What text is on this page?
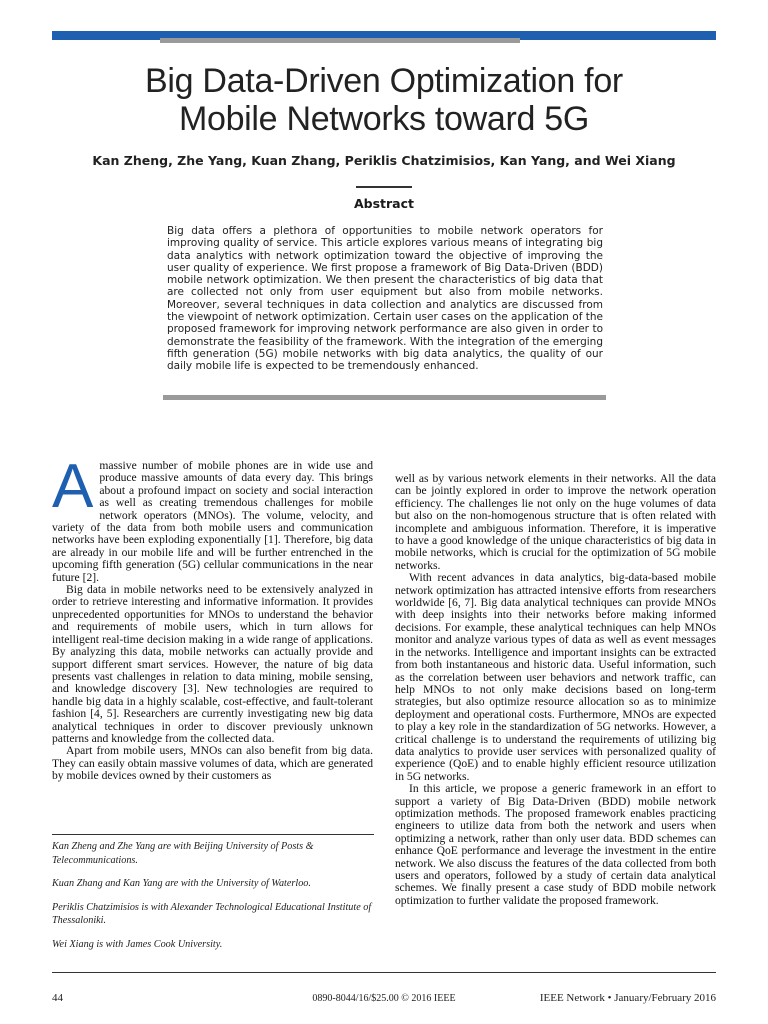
Big Data-Driven Optimization for
Mobile Networks toward 5G
Kan Zheng, Zhe Yang, Kuan Zhang, Periklis Chatzimisios, Kan Yang, and Wei Xiang
Abstract
Big data offers a plethora of opportunities to mobile network operators for improving quality of service. This article explores various means of integrating big data analytics with network optimization toward the objective of improving the user quality of experience. We first propose a framework of Big Data-Driven (BDD) mobile network optimization. We then present the characteristics of big data that are collected not only from user equipment but also from mobile networks. Moreover, several techniques in data collection and analytics are discussed from the viewpoint of network optimization. Certain user cases on the application of the proposed framework for improving network performance are also given in order to demonstrate the feasibility of the framework. With the integration of the emerging fifth generation (5G) mobile networks with big data analytics, the quality of our daily mobile life is expected to be tremendously enhanced.

Amassive number of mobile phones are in wide use and produce massive amounts of data every day. This brings about a profound impact on society and social interaction as well as creating tremendous challenges for mobile network operators (MNOs). The volume, velocity, and variety of the data from both mobile users and communication networks have been exploding exponentially [1]. Therefore, big data are already in our mobile life and will be further entrenched in the upcoming fifth generation (5G) cellular communications in the near future [2].

Big data in mobile networks need to be extensively analyzed in order to retrieve interesting and informative information. It provides unprecedented opportunities for MNOs to understand the behavior and requirements of mobile users, which in turn allows for intelligent real-time decision making in a wide range of applications. By analyzing this data, mobile networks can actually provide and support different smart services. However, the nature of big data presents vast challenges in relation to data mining, mobile sensing, and knowledge discovery [3]. New technologies are required to handle big data in a highly scalable, cost-effective, and fault-tolerant fashion [4, 5]. Researchers are currently investigating new big data analytical techniques in order to discover previously unknown patterns and knowledge from the collected data.

Apart from mobile users, MNOs can also benefit from big data. They can easily obtain massive volumes of data, which are generated by mobile devices owned by their customers as

Kan Zheng and Zhe Yang are with Beijing University of Posts & Telecommunications.

Kuan Zhang and Kan Yang are with the University of Waterloo.

Periklis Chatzimisios is with Alexander Technological Educational Institute of Thessaloniki.

Wei Xiang is with James Cook University.

well as by various network elements in their networks. All the data can be jointly explored in order to improve the network operation efficiency. The challenges lie not only on the huge volumes of data but also on the non-homogenous structure that is often related with incomplete and ambiguous information. Therefore, it is imperative to have a good knowledge of the unique characteristics of big data in mobile networks, which is crucial for the optimization of 5G mobile networks.

With recent advances in data analytics, big-data-based mobile network optimization has attracted intensive efforts from researchers worldwide [6, 7]. Big data analytical techniques can provide MNOs with deep insights into their networks before making informed decisions. For example, these analytical techniques can help MNOs monitor and analyze various types of data as well as event messages in the networks. Intelligence and important insights can be extracted from both instantaneous and historic data. Useful information, such as the correlation between user behaviors and network traffic, can help MNOs to not only make decisions based on long-term strategies, but also optimize resource allocation so as to minimize deployment and operational costs. Furthermore, MNOs are expected to play a key role in the standardization of 5G networks. However, a critical challenge is to understand the requirements of utilizing big data analytics to provide user services with personalized quality of experience (QoE) and to enable highly efficient resource utilization in 5G networks.

In this article, we propose a generic framework in an effort to support a variety of Big Data-Driven (BDD) mobile network optimization methods. The proposed framework enables practicing engineers to utilize data from both the network and users when optimizing a network, rather than only user data. BDD schemes can enhance QoE performance and leverage the investment in the entire network. We also discuss the features of the data collected from both users and operators, followed by a study of certain data analytical schemes. We finally present a case study of BDD mobile network optimization to further validate the proposed framework.

44	0890-8044/16/$25.00 © 2016 IEEE	IEEE Network • January/February 2016
